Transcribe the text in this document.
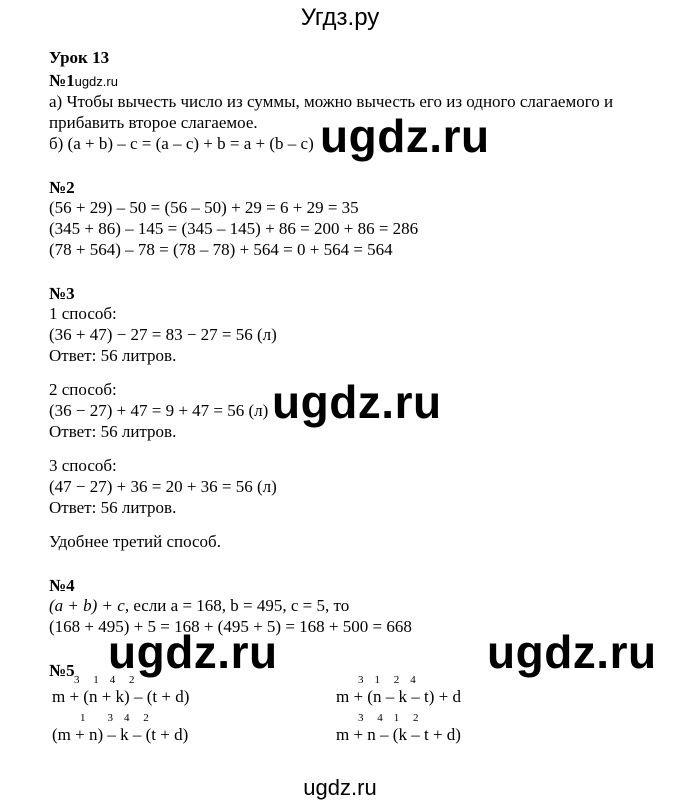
Угдз.ру
Урок 13
№1ugdz.ru
а) Чтобы вычесть число из суммы, можно вычесть его из одного слагаемого и
прибавить второе слагаемое.
б) (a + b) – c = (a – c) + b = a + (b – c)
№2
(56 + 29) – 50 = (56 – 50) + 29 = 6 + 29 = 35
(345 + 86) – 145 = (345 – 145) + 86 = 200 + 86 = 286
(78 + 564) – 78 = (78 – 78) + 564 = 0 + 564 = 564
№3
1 способ:
(36 + 47) − 27 = 83 − 27 = 56 (л)
Ответ: 56 литров.
2 способ:
(36 − 27) + 47 = 9 + 47 = 56 (л)
Ответ: 56 литров.
3 способ:
(47 − 27) + 36 = 20 + 36 = 56 (л)
Ответ: 56 литров.
Удобнее третий способ.
№4
(a + b) + c, если a = 168, b = 495, c = 5, то
(168 + 495) + 5 = 168 + (495 + 5) = 168 + 500 = 668
№5 3     1    4     2
m + (n + k) – (t + d)
3    1     2    4
m + (n – k – t) + d
1        3    4     2
(m + n) – k – (t + d)
3     4    1     2
m + n – (k – t + d)
ugdz.ru
ugdz.ru
ugdz.ru	ugdz.ru
ugdz.ru
